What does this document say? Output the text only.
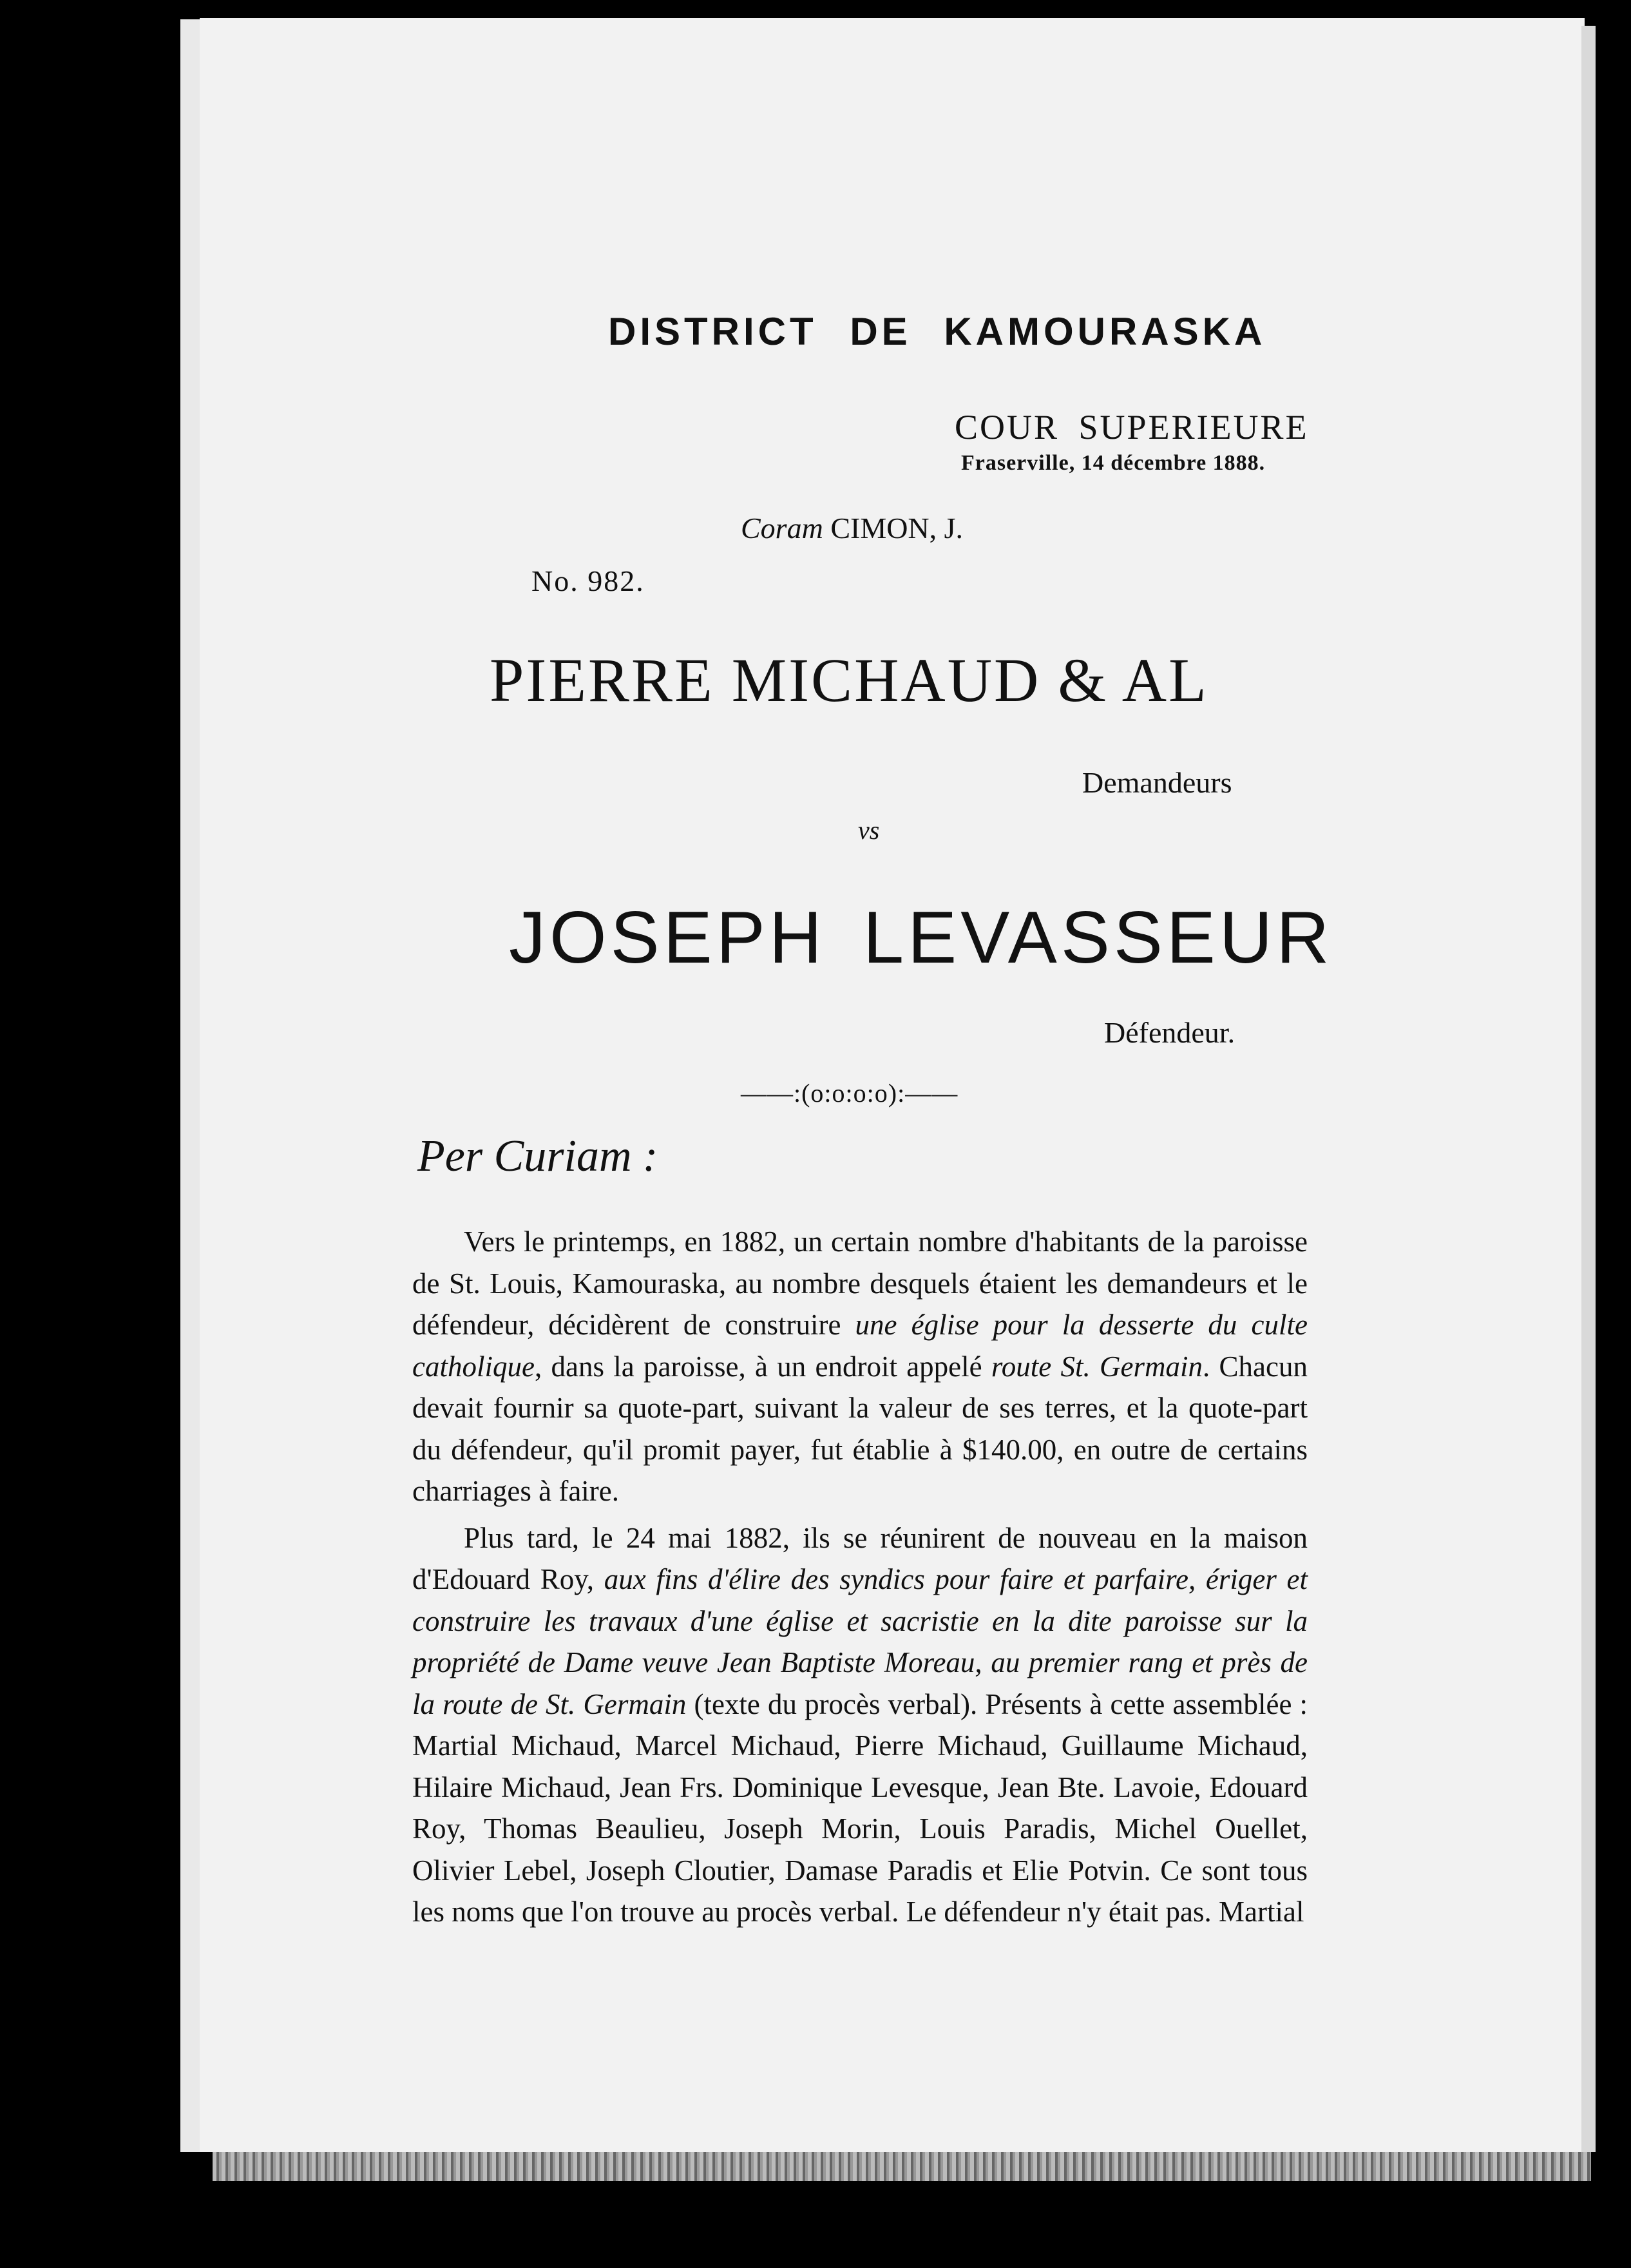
DISTRICT DE KAMOURASKA
COUR SUPERIEURE
Fraserville, 14 décembre 1888.
Coram CIMON, J.
No. 982.
PIERRE MICHAUD & AL
Demandeurs
vs
JOSEPH LEVASSEUR
Défendeur.
——:(o:o:o:o):——
Per Curiam :

Vers le printemps, en 1882, un certain nombre d'habitants de la paroisse de St. Louis, Kamouraska, au nombre desquels étaient les demandeurs et le défendeur, décidèrent de construire une église pour la desserte du culte catholique, dans la paroisse, à un endroit appelé route St. Germain. Chacun devait fournir sa quote-part, suivant la valeur de ses terres, et la quote-part du défendeur, qu'il promit payer, fut établie à $140.00, en outre de certains charriages à faire.

Plus tard, le 24 mai 1882, ils se réunirent de nouveau en la maison d'Edouard Roy, aux fins d'élire des syndics pour faire et parfaire, ériger et construire les travaux d'une église et sacristie en la dite paroisse sur la propriété de Dame veuve Jean Baptiste Moreau, au premier rang et près de la route de St. Germain (texte du procès verbal). Présents à cette assemblée : Martial Michaud, Marcel Michaud, Pierre Michaud, Guillaume Michaud, Hilaire Michaud, Jean Frs. Dominique Levesque, Jean Bte. Lavoie, Edouard Roy, Thomas Beaulieu, Joseph Morin, Louis Paradis, Michel Ouellet, Olivier Lebel, Joseph Cloutier, Damase Paradis et Elie Potvin. Ce sont tous les noms que l'on trouve au procès verbal. Le défendeur n'y était pas. Martial
